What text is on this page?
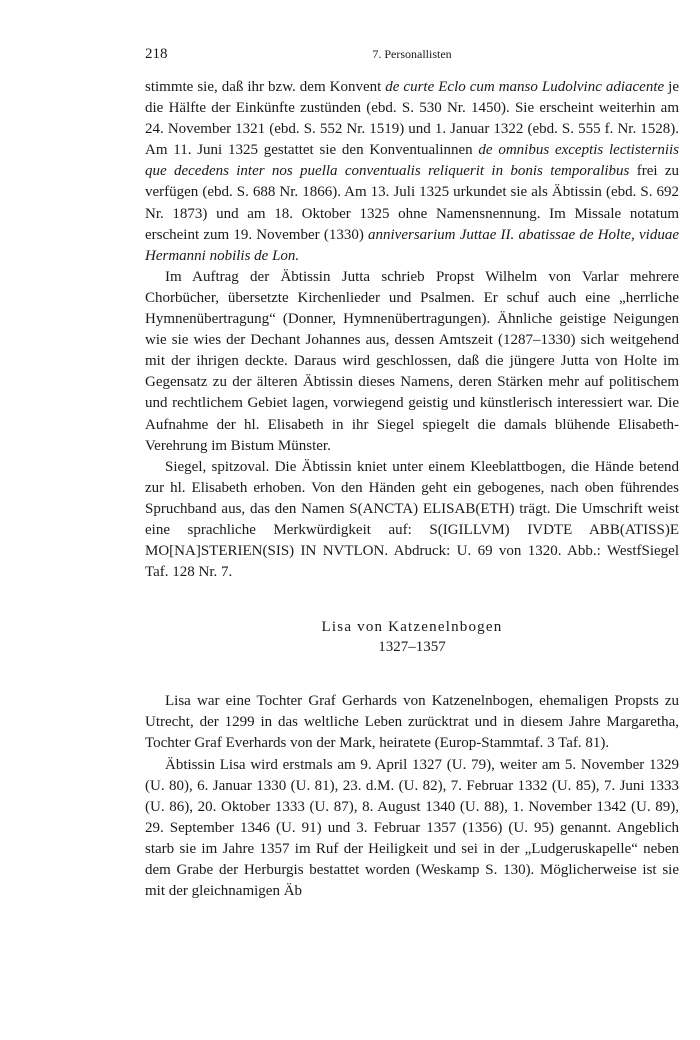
218	7. Personallisten

stimmte sie, daß ihr bzw. dem Konvent de curte Eclo cum manso Ludolvinc adiacente je die Hälfte der Einkünfte zustünden (ebd. S. 530 Nr. 1450). Sie erscheint weiterhin am 24. November 1321 (ebd. S. 552 Nr. 1519) und 1. Januar 1322 (ebd. S. 555 f. Nr. 1528). Am 11. Juni 1325 gestattet sie den Konventualinnen de omnibus exceptis lectisterniis que decedens inter nos puella conventualis reliquerit in bonis temporalibus frei zu verfügen (ebd. S. 688 Nr. 1866). Am 13. Juli 1325 urkundet sie als Äbtissin (ebd. S. 692 Nr. 1873) und am 18. Oktober 1325 ohne Namensnennung. Im Missale notatum erscheint zum 19. November (1330) anniversarium Juttae II. abatissae de Holte, viduae Hermanni nobilis de Lon.

Im Auftrag der Äbtissin Jutta schrieb Propst Wilhelm von Varlar mehrere Chorbücher, übersetzte Kirchenlieder und Psalmen. Er schuf auch eine „herrliche Hymnenübertragung“ (Donner, Hymnenübertragungen). Ähnliche geistige Neigungen wie sie wies der Dechant Johannes aus, dessen Amtszeit (1287–1330) sich weitgehend mit der ihrigen deckte. Daraus wird geschlossen, daß die jüngere Jutta von Holte im Gegensatz zu der älteren Äbtissin dieses Namens, deren Stärken mehr auf politischem und rechtlichem Gebiet lagen, vorwiegend geistig und künstlerisch interessiert war. Die Aufnahme der hl. Elisabeth in ihr Siegel spiegelt die damals blühende Elisabeth-Verehrung im Bistum Münster.

Siegel, spitzoval. Die Äbtissin kniet unter einem Kleeblattbogen, die Hände betend zur hl. Elisabeth erhoben. Von den Händen geht ein gebogenes, nach oben führendes Spruchband aus, das den Namen S(ANCTA) ELISAB(ETH) trägt. Die Umschrift weist eine sprachliche Merkwürdigkeit auf: S(IGILLVM) IVDTE ABB(ATISS)E MO[NA]STERIEN(SIS) IN NVTLON. Abdruck: U. 69 von 1320. Abb.: WestfSiegel Taf. 128 Nr. 7.

Lisa von Katzenelnbogen
1327–1357

Lisa war eine Tochter Graf Gerhards von Katzenelnbogen, ehemaligen Propsts zu Utrecht, der 1299 in das weltliche Leben zurücktrat und in diesem Jahre Margaretha, Tochter Graf Everhards von der Mark, heiratete (Europ-Stammtaf. 3 Taf. 81).

Äbtissin Lisa wird erstmals am 9. April 1327 (U. 79), weiter am 5. November 1329 (U. 80), 6. Januar 1330 (U. 81), 23. d.M. (U. 82), 7. Februar 1332 (U. 85), 7. Juni 1333 (U. 86), 20. Oktober 1333 (U. 87), 8. August 1340 (U. 88), 1. November 1342 (U. 89), 29. September 1346 (U. 91) und 3. Februar 1357 (1356) (U. 95) genannt. Angeblich starb sie im Jahre 1357 im Ruf der Heiligkeit und sei in der „Ludgeruskapelle“ neben dem Grabe der Herburgis bestattet worden (Weskamp S. 130). Möglicherweise ist sie mit der gleichnamigen Äb
